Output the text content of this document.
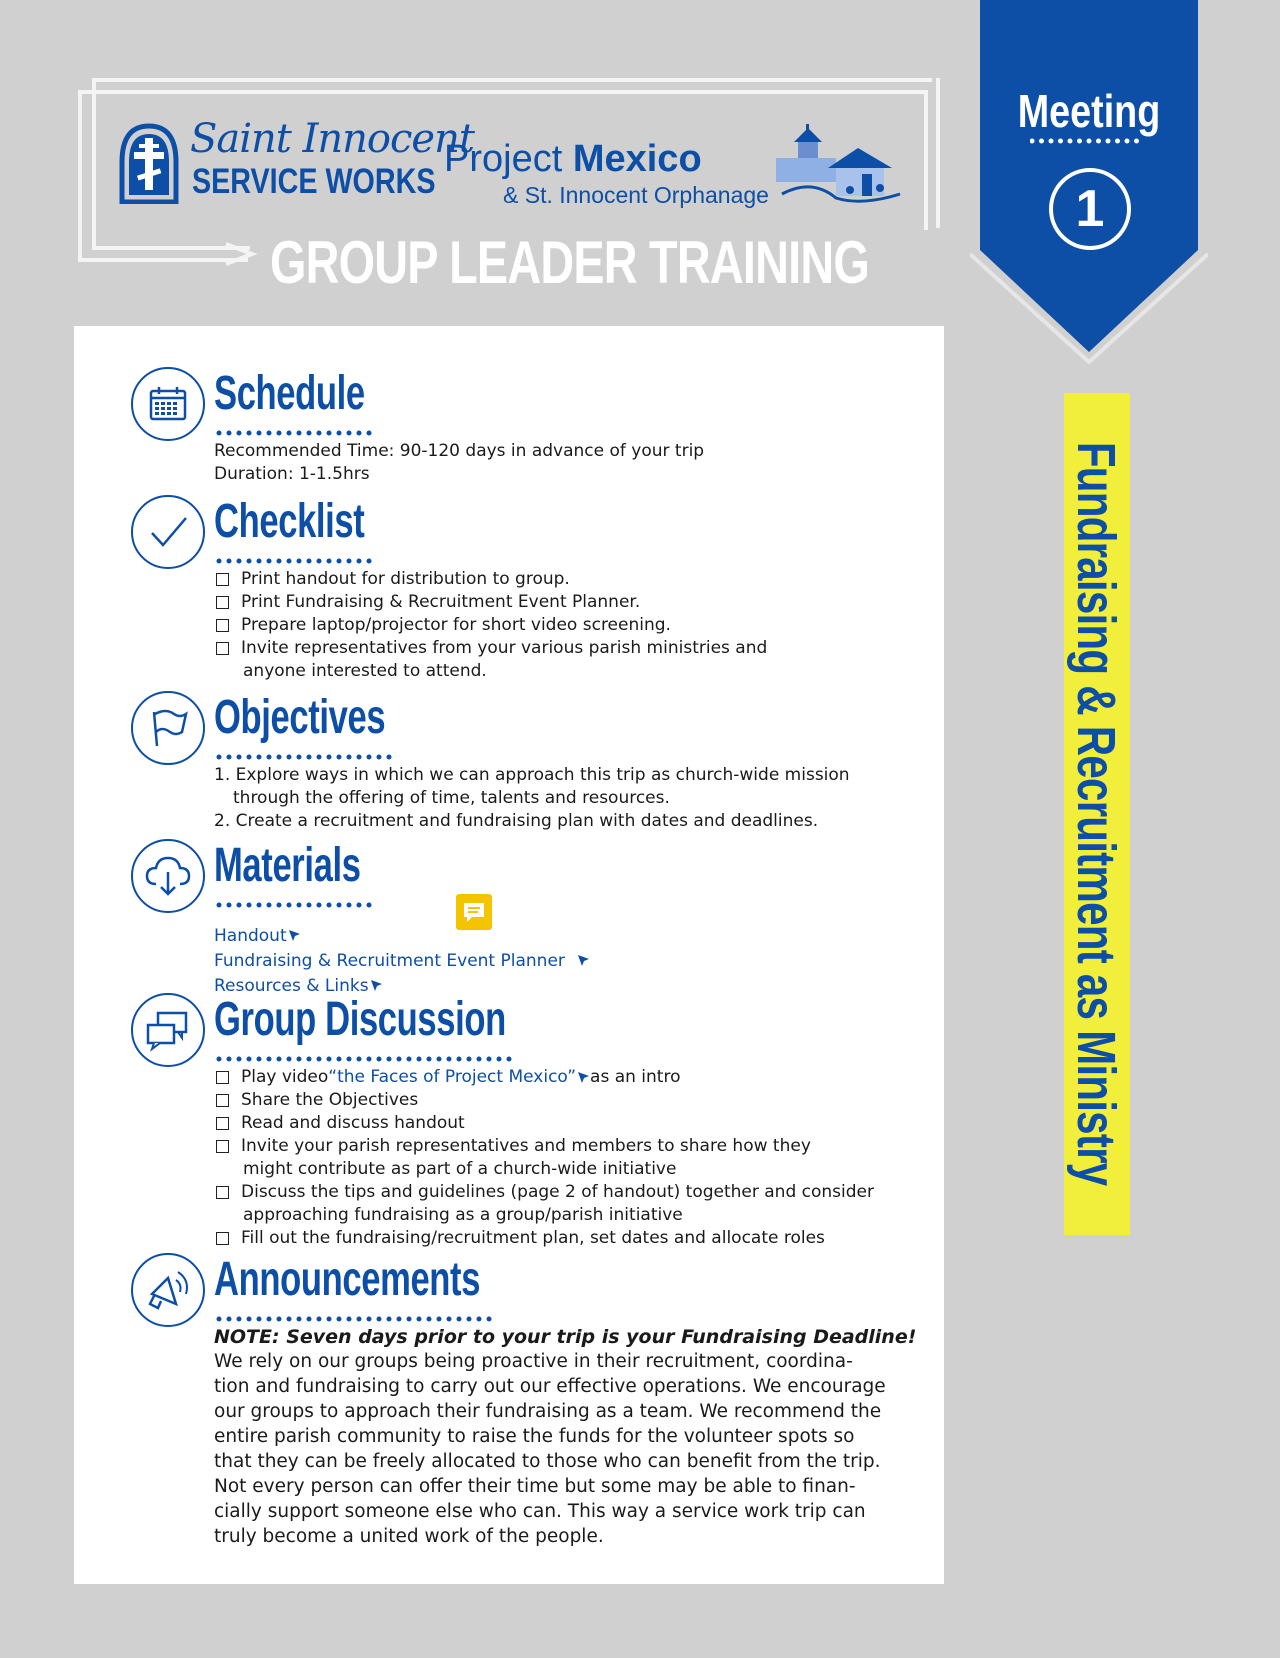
Saint Innocent
SERVICE WORKS
Project Mexico
& St. Innocent Orphanage
GROUP LEADER TRAINING
Meeting
1
Fundraising & Recruitment as Ministry
Schedule
Recommended Time: 90-120 days in advance of your trip
Duration: 1-1.5hrs
Checklist
Print handout for distribution to group.
Print Fundraising & Recruitment Event Planner.
Prepare laptop/projector for short video screening.
Invite representatives from your various parish ministries and
anyone interested to attend.
Objectives
1. Explore ways in which we can approach this trip as church-wide mission
through the offering of time, talents and resources.
2. Create a recruitment and fundraising plan with dates and deadlines.
Materials
Handout
Fundraising & Recruitment Event Planner
Resources & Links
Group Discussion
Play video “the Faces of Project Mexico” as an intro
Share the Objectives
Read and discuss handout
Invite your parish representatives and members to share how they
might contribute as part of a church-wide initiative
Discuss the tips and guidelines (page 2 of handout) together and consider
approaching fundraising as a group/parish initiative
Fill out the fundraising/recruitment plan, set dates and allocate roles
Announcements
NOTE: Seven days prior to your trip is your Fundraising Deadline!
We rely on our groups being proactive in their recruitment, coordina-
tion and fundraising to carry out our effective operations. We encourage
our groups to approach their fundraising as a team. We recommend the
entire parish community to raise the funds for the volunteer spots so
that they can be freely allocated to those who can benefit from the trip.
Not every person can offer their time but some may be able to finan-
cially support someone else who can. This way a service work trip can
truly become a united work of the people.
